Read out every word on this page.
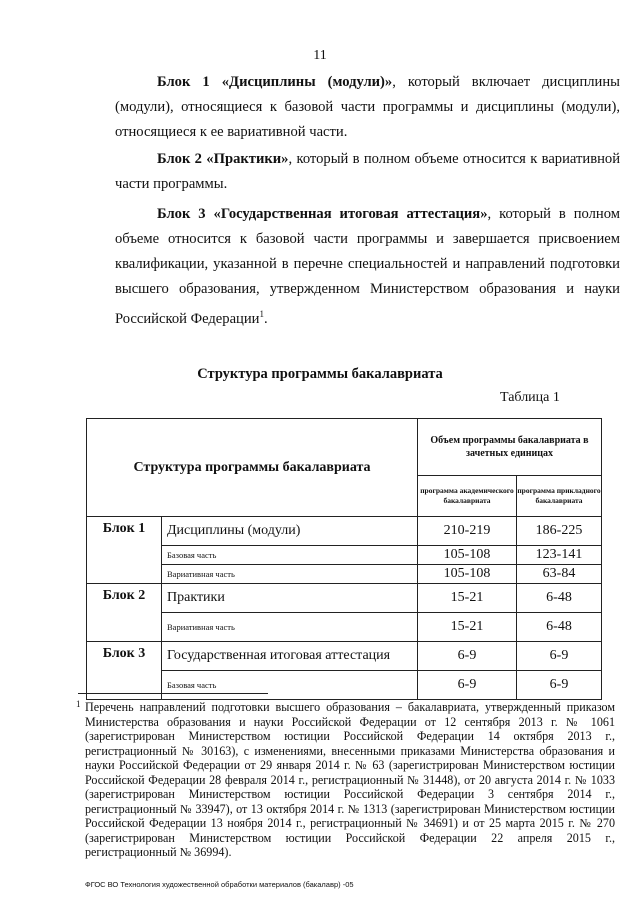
11
Блок 1 «Дисциплины (модули)», который включает дисциплины (модули), относящиеся к базовой части программы и дисциплины (модули), относящиеся к ее вариативной части.
Блок 2 «Практики», который в полном объеме относится к вариативной части программы.
Блок 3 «Государственная итоговая аттестация», который в полном объеме относится к базовой части программы и завершается присвоением квалификации, указанной в перечне специальностей и направлений подготовки высшего образования, утвержденном Министерством образования и науки Российской Федерации$^1$.
Структура программы бакалавриата
Таблица 1
Структура программы бакалавриата		Объем программы бакалавриата в зачетных единицах	
		программа академического бакалавриата	программа прикладного бакалавриата
Блок 1	Дисциплины (модули)	210-219	186-225
	Базовая часть	105-108	123-141
	Вариативная часть	105-108	63-84
Блок 2	Практики	15-21	6-48
	Вариативная часть	15-21	6-48
Блок 3	Государственная итоговая аттестация	6-9	6-9
	Базовая часть	6-9	6-9
1 Перечень направлений подготовки высшего образования – бакалавриата, утвержденный приказом Министерства образования и науки Российской Федерации от 12 сентября 2013 г. № 1061 (зарегистрирован Министерством юстиции Российской Федерации 14 октября 2013 г., регистрационный № 30163), с изменениями, внесенными приказами Министерства образования и науки Российской Федерации от 29 января 2014 г. № 63 (зарегистрирован Министерством юстиции Российской Федерации 28 февраля 2014 г., регистрационный № 31448), от 20 августа 2014 г. № 1033 (зарегистрирован Министерством юстиции Российской Федерации 3 сентября 2014 г., регистрационный № 33947), от 13 октября 2014 г. № 1313 (зарегистрирован Министерством юстиции Российской Федерации 13 ноября 2014 г., регистрационный № 34691) и от 25 марта 2015 г. № 270 (зарегистрирован Министерством юстиции Российской Федерации 22 апреля 2015 г., регистрационный № 36994).
ФГОС ВО Технология художественной обработки материалов (бакалавр) -05
